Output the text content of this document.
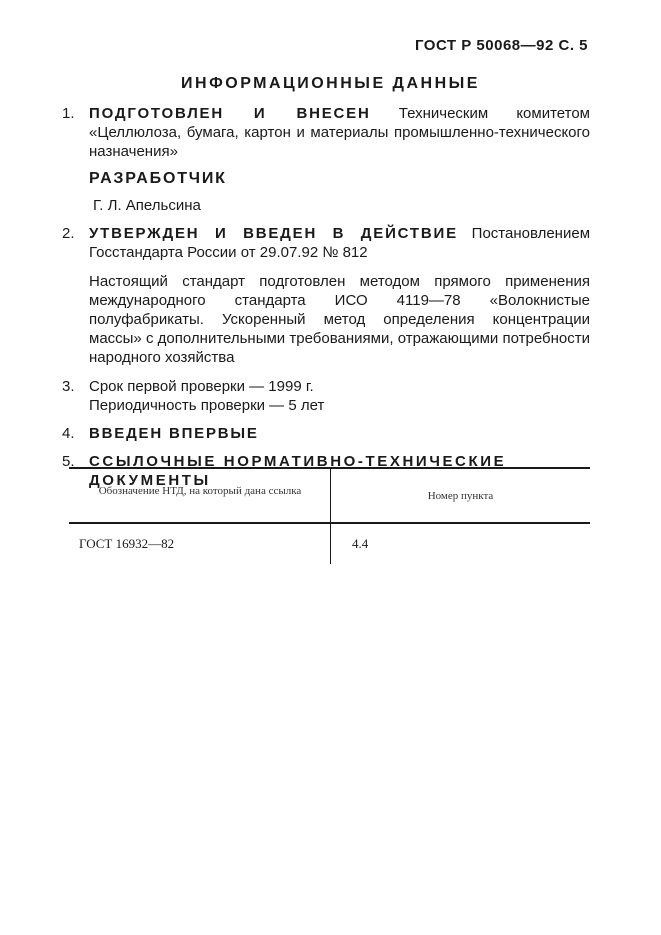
ГОСТ Р 50068—92 С. 5
ИНФОРМАЦИОННЫЕ ДАННЫЕ
1. ПОДГОТОВЛЕН И ВНЕСЕН Техническим комитетом «Целлюлоза, бумага, картон и материалы промышленно-технического назначения»
РАЗРАБОТЧИК
Г. Л. Апельсина
2. УТВЕРЖДЕН И ВВЕДЕН В ДЕЙСТВИЕ Постановлением Госстандарта России от 29.07.92 № 812
Настоящий стандарт подготовлен методом прямого применения международного стандарта ИСО 4119—78 «Волокнистые полуфабрикаты. Ускоренный метод определения концентрации массы» с дополнительными требованиями, отражающими потребности народного хозяйства
3. Срок первой проверки — 1999 г.
Периодичность проверки — 5 лет
4. ВВЕДЕН ВПЕРВЫЕ
5. ССЫЛОЧНЫЕ НОРМАТИВНО-ТЕХНИЧЕСКИЕ ДОКУМЕНТЫ
Обозначение НТД, на который дана ссылка	Номер пункта
ГОСТ 16932—82	4.4
